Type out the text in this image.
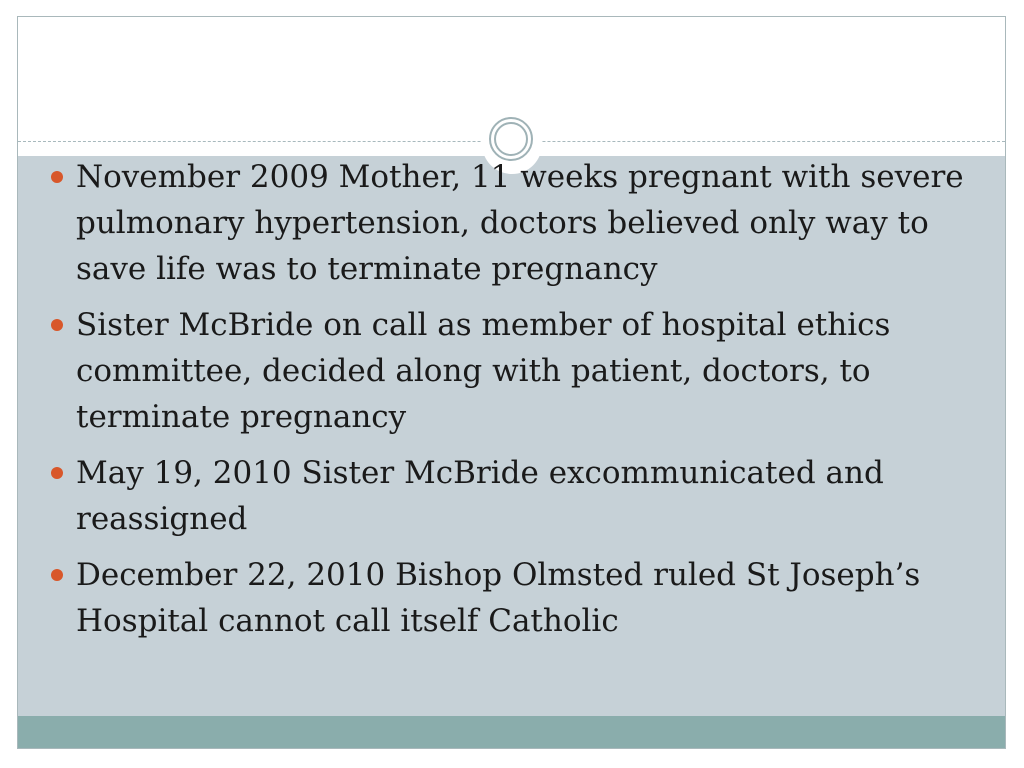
November 2009 Mother, 11 weeks pregnant with severe pulmonary hypertension, doctors believed only way to save life was to terminate pregnancy
Sister McBride on call as member of hospital ethics committee, decided along with patient, doctors, to terminate pregnancy
May 19, 2010 Sister McBride excommunicated and reassigned
December 22, 2010 Bishop Olmsted ruled St Joseph’s Hospital cannot call itself Catholic
